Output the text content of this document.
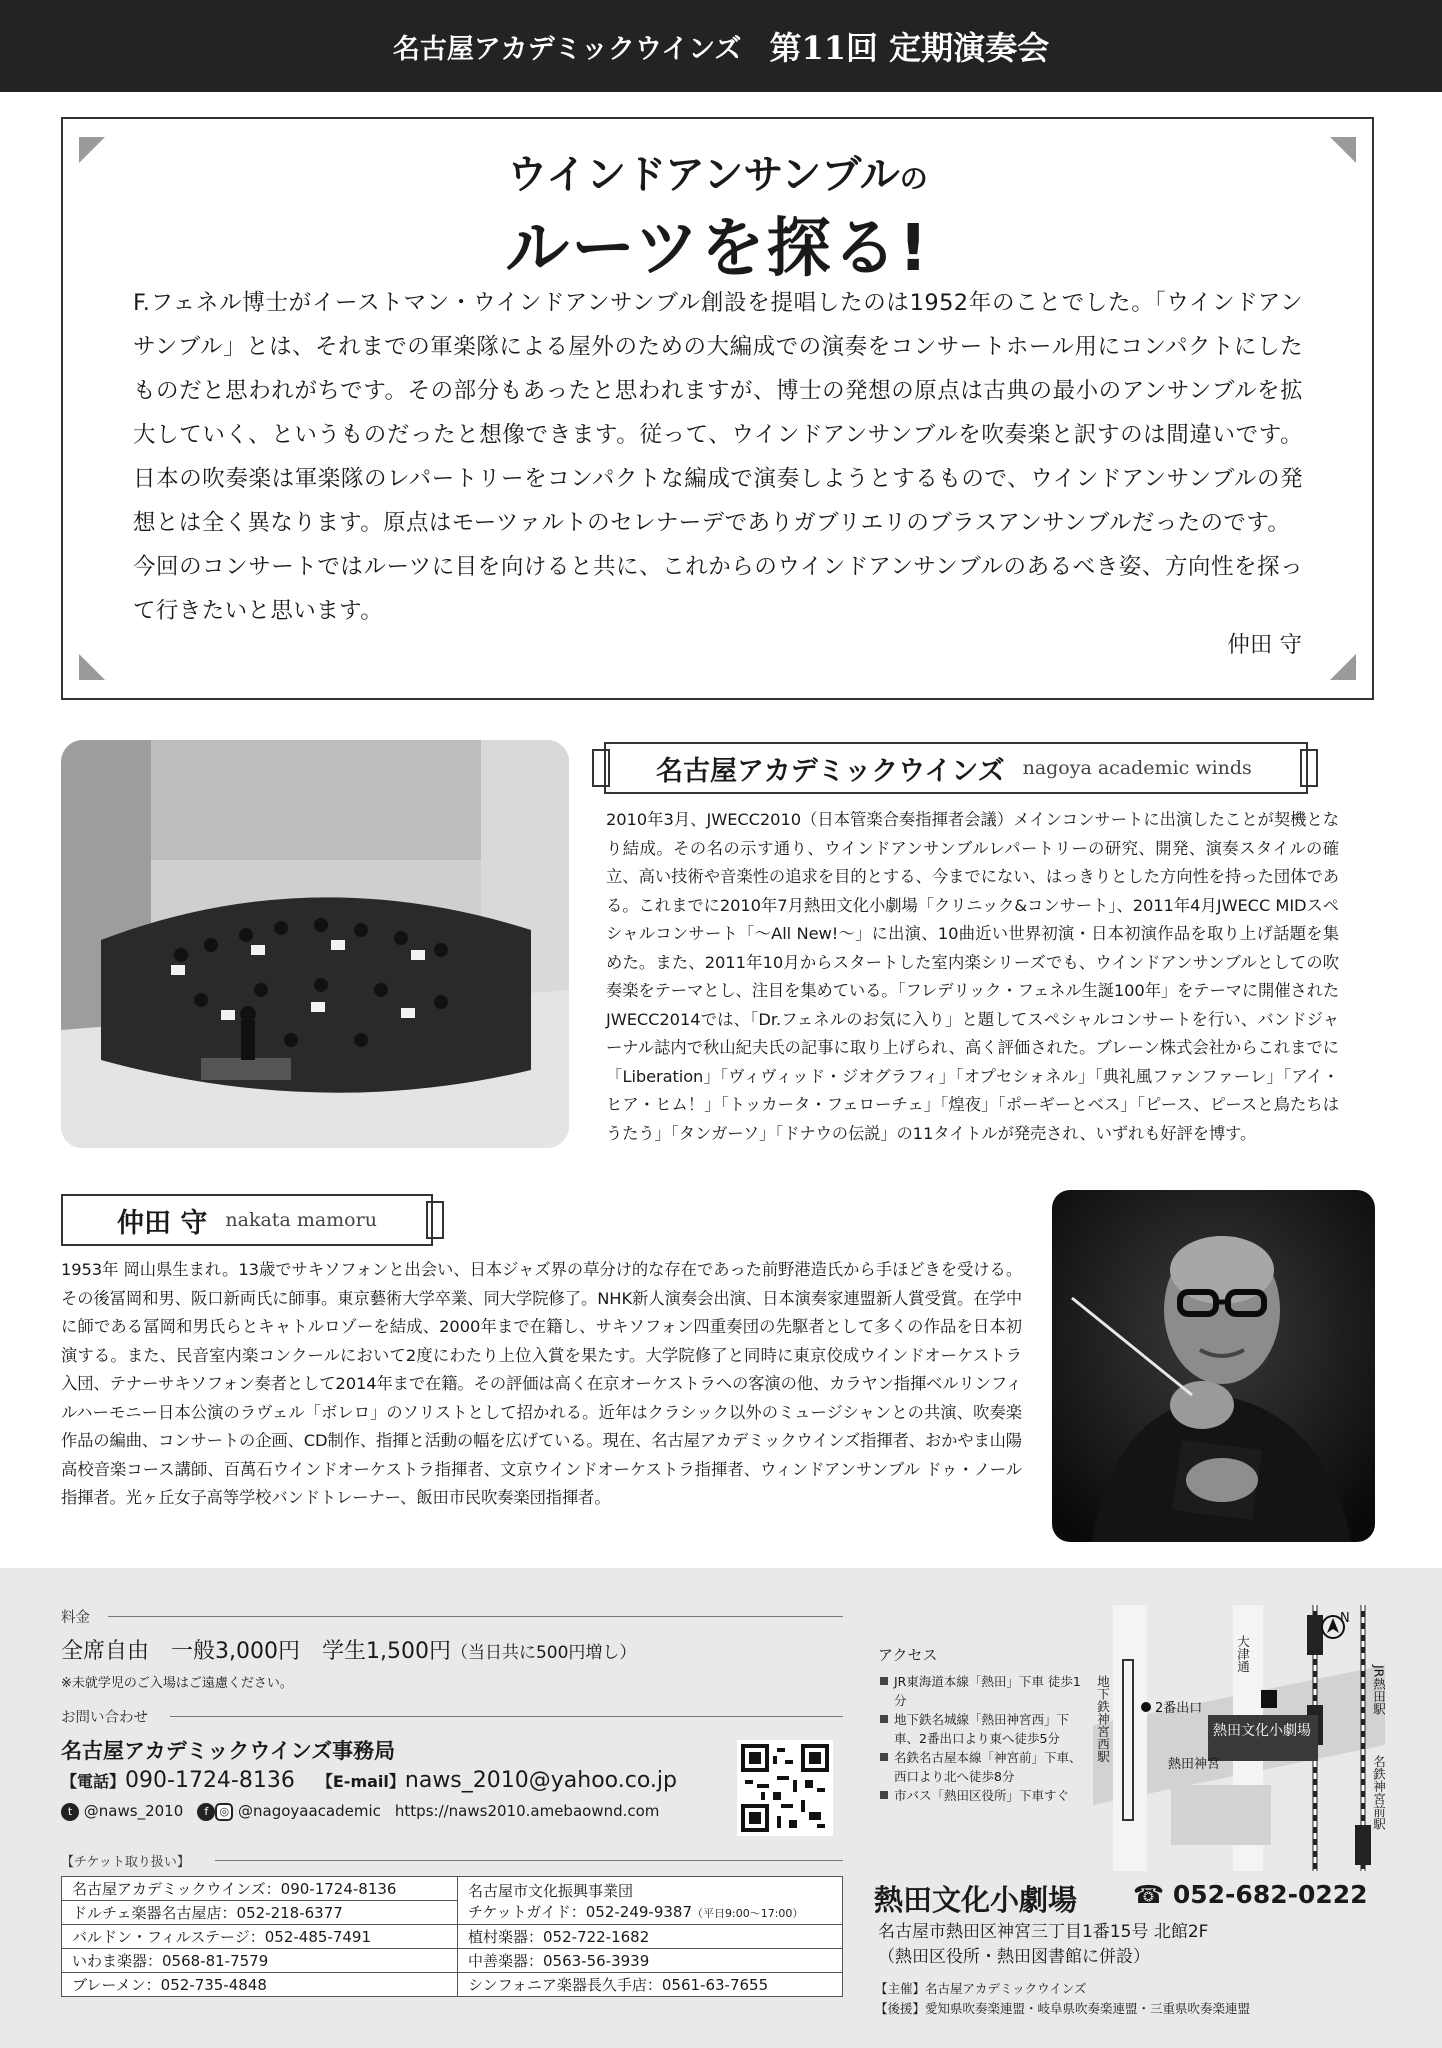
名古屋アカデミックウインズ 第11回 定期演奏会
ウインドアンサンブルの
ルーツを探る!

F.フェネル博士がイーストマン・ウインドアンサンブル創設を提唱したのは1952年のことでした。「ウインドアンサンブル」とは、それまでの軍楽隊による屋外のための大編成での演奏をコンサートホール用にコンパクトにしたものだと思われがちです。その部分もあったと思われますが、博士の発想の原点は古典の最小のアンサンブルを拡大していく、というものだったと想像できます。従って、ウインドアンサンブルを吹奏楽と訳すのは間違いです。日本の吹奏楽は軍楽隊のレパートリーをコンパクトな編成で演奏しようとするもので、ウインドアンサンブルの発想とは全く異なります。原点はモーツァルトのセレナーデでありガブリエリのブラスアンサンブルだったのです。

今回のコンサートではルーツに目を向けると共に、これからのウインドアンサンブルのあるべき姿、方向性を探って行きたいと思います。

仲田 守
名古屋アカデミックウインズ nagoya academic winds

2010年3月、JWECC2010（日本管楽合奏指揮者会議）メインコンサートに出演したことが契機となり結成。その名の示す通り、ウインドアンサンブルレパートリーの研究、開発、演奏スタイルの確立、高い技術や音楽性の追求を目的とする、今までにない、はっきりとした方向性を持った団体である。これまでに2010年7月熱田文化小劇場「クリニック&コンサート」、2011年4月JWECC MIDスペシャルコンサート「〜All New!〜」に出演、10曲近い世界初演・日本初演作品を取り上げ話題を集めた。また、2011年10月からスタートした室内楽シリーズでも、ウインドアンサンブルとしての吹奏楽をテーマとし、注目を集めている。「フレデリック・フェネル生誕100年」をテーマに開催されたJWECC2014では、「Dr.フェネルのお気に入り」と題してスペシャルコンサートを行い、バンドジャーナル誌内で秋山紀夫氏の記事に取り上げられ、高く評価された。ブレーン株式会社からこれまでに「Liberation」「ヴィヴィッド・ジオグラフィ」「オプセシォネル」「典礼風ファンファーレ」「アイ・ヒア・ヒム！」「トッカータ・フェローチェ」「煌夜」「ポーギーとベス」「ピース、ピースと鳥たちはうたう」「タンガーソ」「ドナウの伝説」の11タイトルが発売され、いずれも好評を博す。

仲田 守 nakata mamoru

1953年 岡山県生まれ。13歳でサキソフォンと出会い、日本ジャズ界の草分け的な存在であった前野港造氏から手ほどきを受ける。その後冨岡和男、阪口新両氏に師事。東京藝術大学卒業、同大学院修了。NHK新人演奏会出演、日本演奏家連盟新人賞受賞。在学中に師である冨岡和男氏らとキャトルロゾーを結成、2000年まで在籍し、サキソフォン四重奏団の先駆者として多くの作品を日本初演する。また、民音室内楽コンクールにおいて2度にわたり上位入賞を果たす。大学院修了と同時に東京佼成ウインドオーケストラ入団、テナーサキソフォン奏者として2014年まで在籍。その評価は高く在京オーケストラへの客演の他、カラヤン指揮ベルリンフィルハーモニー日本公演のラヴェル「ボレロ」のソリストとして招かれる。近年はクラシック以外のミュージシャンとの共演、吹奏楽作品の編曲、コンサートの企画、CD制作、指揮と活動の幅を広げている。現在、名古屋アカデミックウインズ指揮者、おかやま山陽高校音楽コース講師、百萬石ウインドオーケストラ指揮者、文京ウインドオーケストラ指揮者、ウィンドアンサンブル ドゥ・ノール指揮者。光ヶ丘女子高等学校バンドトレーナー、飯田市民吹奏楽団指揮者。

料金
全席自由　一般3,000円　学生1,500円（当日共に500円増し）
※未就学児のご入場はご遠慮ください。
お問い合わせ
名古屋アカデミックウインズ事務局
【電話】090-1724-8136 【E-mail】naws_2010@yahoo.co.jp
t @naws_2010	f ◎ @nagoyaacademic https://naws2010.amebaownd.com
【チケット取り扱い】
名古屋アカデミックウインズ：090-1724-8136	名古屋市文化振興事業団
チケットガイド：052-249-9387（平日9:00〜17:00）

ドルチェ楽器名古屋店：052-218-6377	
バルドン・フィルステージ：052-485-7491	植村楽器：052-722-1682
いわま楽器：0568-81-7579	中善楽器：0563-56-3939
ブレーメン：052-735-4848	シンフォニア楽器長久手店：0561-63-7655
アクセス
JR東海道本線「熱田」下車 徒歩1分
地下鉄名城線「熱田神宮西」下車、2番出口より東へ徒歩5分
名鉄名古屋本線「神宮前」下車、西口より北へ徒歩8分
市バス「熱田区役所」下車すぐ
N
大津通
地下鉄神宮西駅	2番出口	JR熱田駅
名鉄神宮前駅
熱田文化小劇場
熱田神宮
熱田文化小劇場 ☎ 052-682-0222
名古屋市熱田区神宮三丁目1番15号 北館2F
（熱田区役所・熱田図書館に併設）
【主催】名古屋アカデミックウインズ
【後援】愛知県吹奏楽連盟・岐阜県吹奏楽連盟・三重県吹奏楽連盟
